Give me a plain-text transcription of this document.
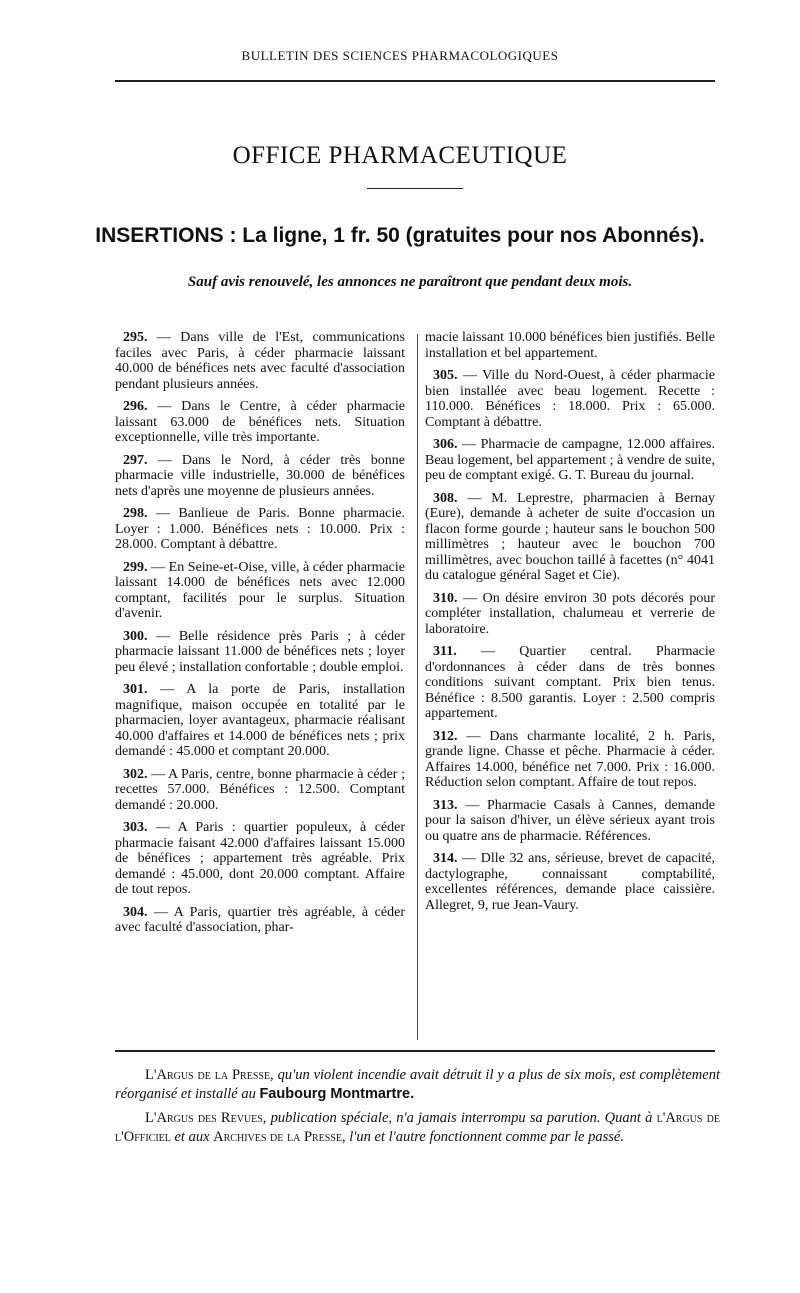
BULLETIN DES SCIENCES PHARMACOLOGIQUES
OFFICE PHARMACEUTIQUE
INSERTIONS : La ligne, 1 fr. 50 (gratuites pour nos Abonnés).
Sauf avis renouvelé, les annonces ne paraîtront que pendant deux mois.

295. — Dans ville de l'Est, communications faciles avec Paris, à céder pharmacie laissant 40.000 de bénéfices nets avec faculté d'association pendant plusieurs années.

296. — Dans le Centre, à céder pharmacie laissant 63.000 de bénéfices nets. Situation exceptionnelle, ville très importante.

297. — Dans le Nord, à céder très bonne pharmacie ville industrielle, 30.000 de bénéfices nets d'après une moyenne de plusieurs années.

298. — Banlieue de Paris. Bonne pharmacie. Loyer : 1.000. Bénéfices nets : 10.000. Prix : 28.000. Comptant à débattre.

299. — En Seine-et-Oise, ville, à céder pharmacie laissant 14.000 de bénéfices nets avec 12.000 comptant, facilités pour le surplus. Situation d'avenir.

300. — Belle résidence près Paris ; à céder pharmacie laissant 11.000 de bénéfices nets ; loyer peu élevé ; installation confortable ; double emploi.

301. — A la porte de Paris, installation magnifique, maison occupée en totalité par le pharmacien, loyer avantageux, pharmacie réalisant 40.000 d'affaires et 14.000 de bénéfices nets ; prix demandé : 45.000 et comptant 20.000.

302. — A Paris, centre, bonne pharmacie à céder ; recettes 57.000. Bénéfices : 12.500. Comptant demandé : 20.000.

303. — A Paris : quartier populeux, à céder pharmacie faisant 42.000 d'affaires laissant 15.000 de bénéfices ; appartement très agréable. Prix demandé : 45.000, dont 20.000 comptant. Affaire de tout repos.

304. — A Paris, quartier très agréable, à céder avec faculté d'association, phar-

macie laissant 10.000 bénéfices bien justifiés. Belle installation et bel appartement.

305. — Ville du Nord-Ouest, à céder pharmacie bien installée avec beau logement. Recette : 110.000. Bénéfices : 18.000. Prix : 65.000. Comptant à débattre.

306. — Pharmacie de campagne, 12.000 affaires. Beau logement, bel appartement ; à vendre de suite, peu de comptant exigé. G. T. Bureau du journal.

308. — M. Leprestre, pharmacien à Bernay (Eure), demande à acheter de suite d'occasion un flacon forme gourde ; hauteur sans le bouchon 500 millimètres ; hauteur avec le bouchon 700 millimètres, avec bouchon taillé à facettes (n° 4041 du catalogue général Saget et Cie).

310. — On désire environ 30 pots décorés pour compléter installation, chalumeau et verrerie de laboratoire.

311. — Quartier central. Pharmacie d'ordonnances à céder dans de très bonnes conditions suivant comptant. Prix bien tenus. Bénéfice : 8.500 garantis. Loyer : 2.500 compris appartement.

312. — Dans charmante localité, 2 h. Paris, grande ligne. Chasse et pêche. Pharmacie à céder. Affaires 14.000, bénéfice net 7.000. Prix : 16.000. Réduction selon comptant. Affaire de tout repos.

313. — Pharmacie Casals à Cannes, demande pour la saison d'hiver, un élève sérieux ayant trois ou quatre ans de pharmacie. Références.

314. — Dlle 32 ans, sérieuse, brevet de capacité, dactylographe, connaissant comptabilité, excellentes références, demande place caissière. Allegret, 9, rue Jean-Vaury.

L'Argus de la Presse, qu'un violent incendie avait détruit il y a plus de six mois, est complètement réorganisé et installé au Faubourg Montmartre.

L'Argus des Revues, publication spéciale, n'a jamais interrompu sa parution. Quant à l'Argus de l'Officiel et aux Archives de la Presse, l'un et l'autre fonctionnent comme par le passé.
